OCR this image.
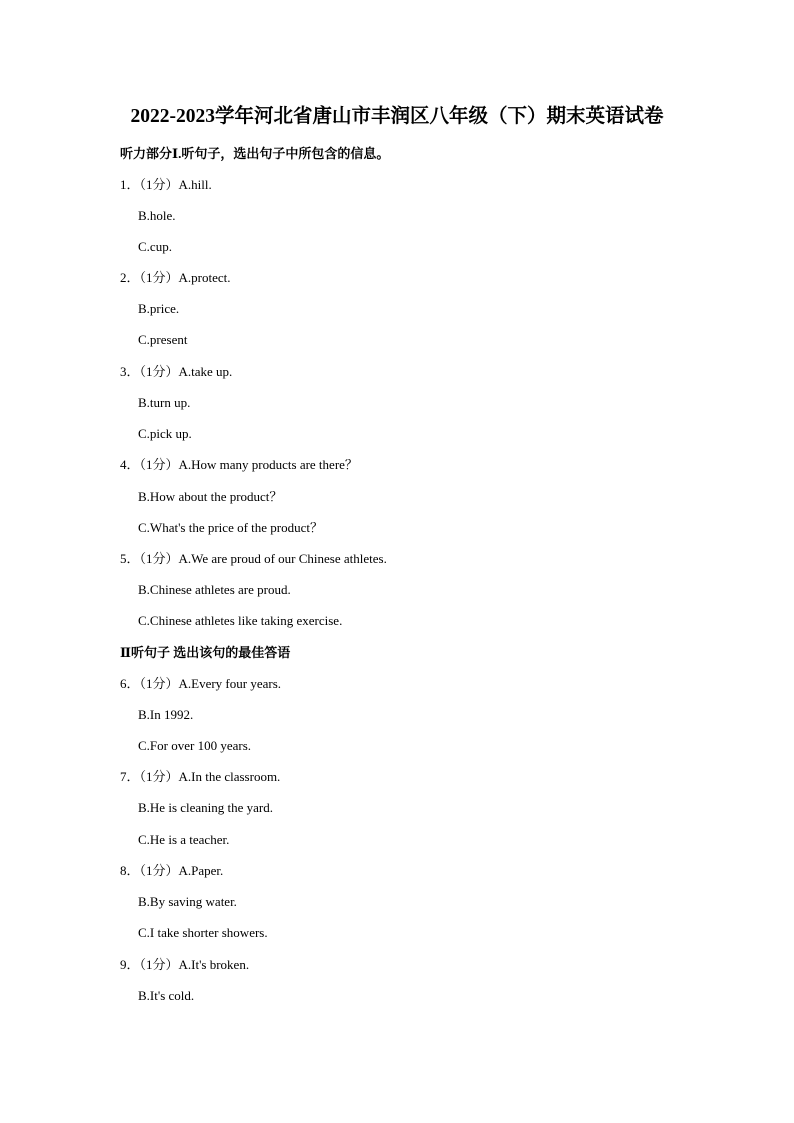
2022-2023学年河北省唐山市丰润区八年级（下）期末英语试卷
听力部分Ⅰ.听句子，选出句子中所包含的信息。
1．（1分）A.hill.
B.hole.
C.cup.
2．（1分）A.protect.
B.price.
C.present
3．（1分）A.take up.
B.turn up.
C.pick up.
4．（1分）A.How many products are there？
B.How about the product？
C.What's the price of the product？
5．（1分）A.We are proud of our Chinese athletes.
B.Chinese athletes are proud.
C.Chinese athletes like taking exercise.
Ⅱ听句子 选出该句的最佳答语
6．（1分）A.Every four years.
B.In 1992.
C.For over 100 years.
7．（1分）A.In the classroom.
B.He is cleaning the yard.
C.He is a teacher.
8．（1分）A.Paper.
B.By saving water.
C.I take shorter showers.
9．（1分）A.It's broken.
B.It's cold.
